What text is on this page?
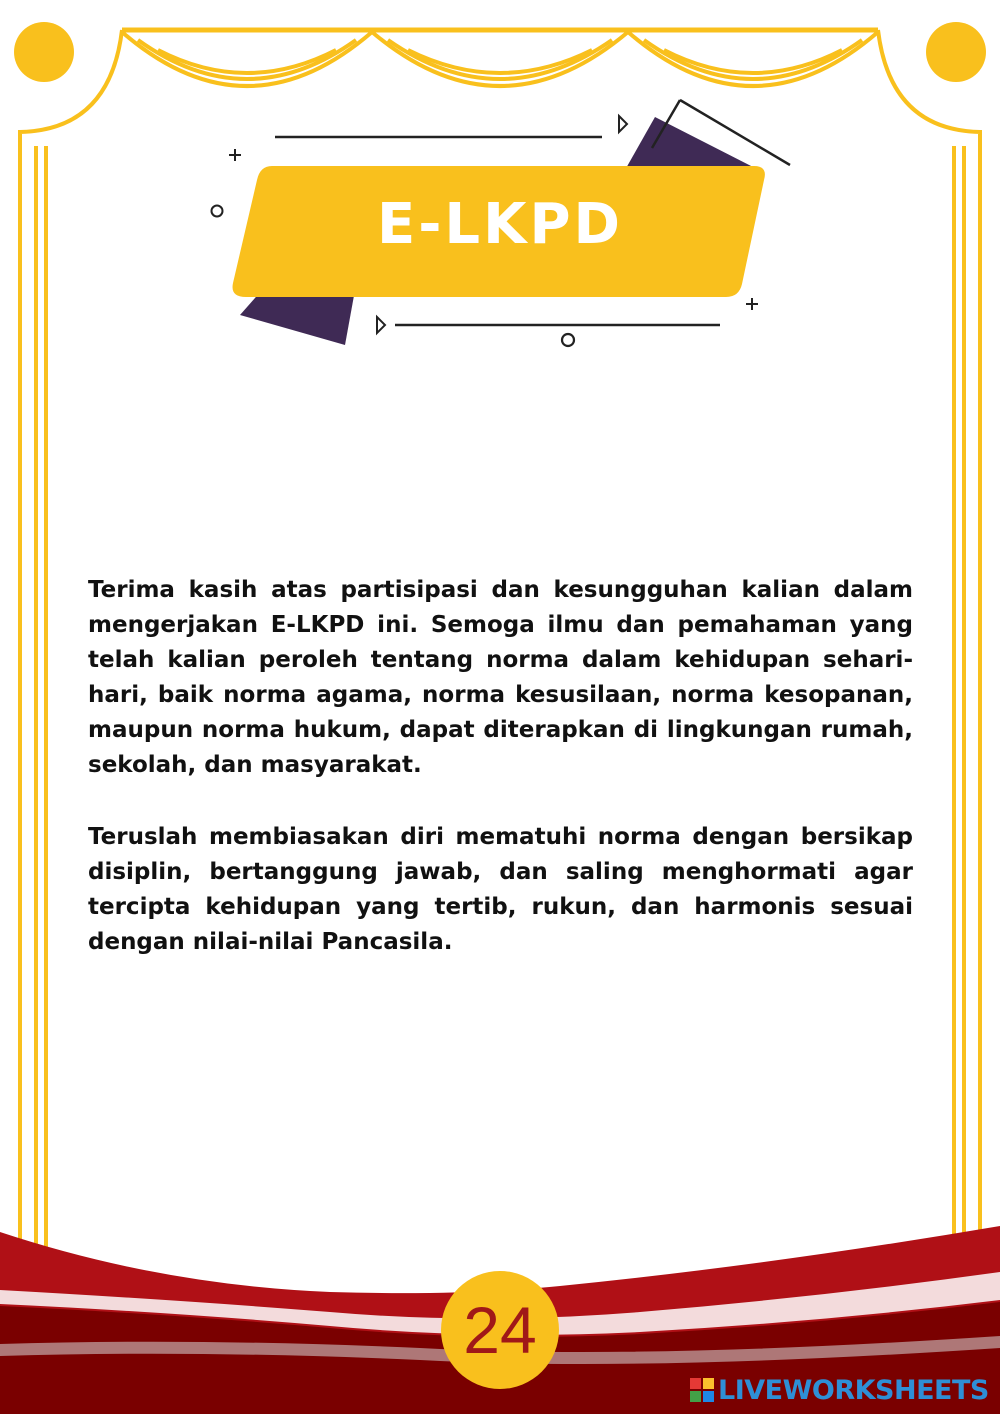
E-LKPD

Terima kasih atas partisipasi dan kesungguhan kalian dalam mengerjakan E-LKPD ini. Semoga ilmu dan pemahaman yang telah kalian peroleh tentang norma dalam kehidupan sehari-hari, baik norma agama, norma kesusilaan, norma kesopanan, maupun norma hukum, dapat diterapkan di lingkungan rumah, sekolah, dan masyarakat.

Teruslah membiasakan diri mematuhi norma dengan bersikap disiplin, bertanggung jawab, dan saling menghormati agar tercipta kehidupan yang tertib, rukun, dan harmonis sesuai dengan nilai-nilai Pancasila.

24
LIVEWORKSHEETS
